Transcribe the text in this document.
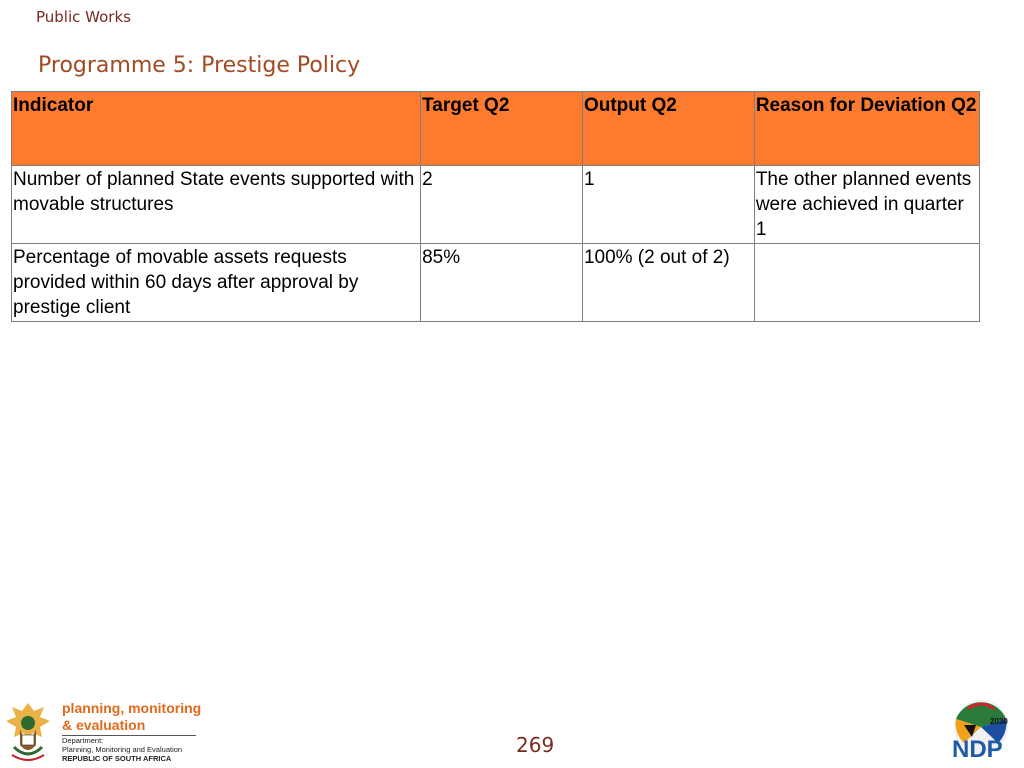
Public Works
Programme 5: Prestige Policy
Indicator	Target Q2	Output Q2	Reason for Deviation Q2
Number of planned State events supported with movable structures	2	1	The other planned events were achieved in quarter 1
Percentage of movable assets requests provided within 60 days after approval by prestige client	85%	100% (2 out of 2)	
planning, monitoring
& evaluation
Department:
Planning, Monitoring and Evaluation
REPUBLIC OF SOUTH AFRICA
269
2030
NDP
